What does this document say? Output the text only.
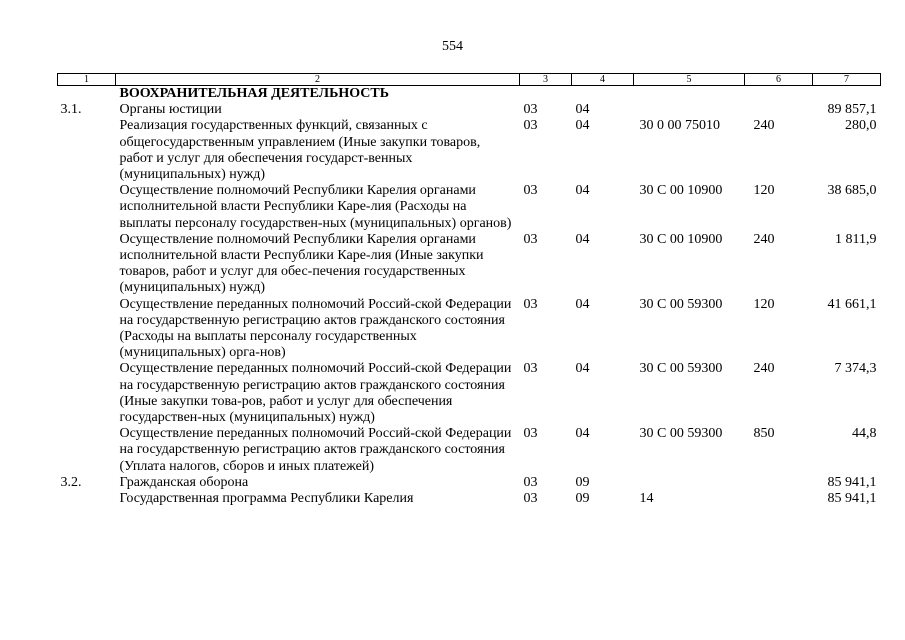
554
1	2	3	4	5	6	7
	ВООХРАНИТЕЛЬНАЯ ДЕЯТЕЛЬНОСТЬ					
3.1.	Органы юстиции	03	04			89 857,1
	Реализация государственных функций, связанных с общегосударственным управлением (Иные закупки товаров, работ и услуг для обеспечения государст-венных (муниципальных) нужд)	03	04	30 0 00 75010	240	280,0
	Осуществление полномочий Республики Карелия органами исполнительной власти Республики Каре-лия (Расходы на выплаты персоналу государствен-ных (муниципальных) органов)	03	04	30 С 00 10900	120	38 685,0
	Осуществление полномочий Республики Карелия органами исполнительной власти Республики Каре-лия (Иные закупки товаров, работ и услуг для обес-печения государственных (муниципальных) нужд)	03	04	30 С 00 10900	240	1 811,9
	Осуществление переданных полномочий Россий-ской Федерации на государственную регистрацию актов гражданского состояния (Расходы на выплаты персоналу государственных (муниципальных) орга-нов)	03	04	30 С 00 59300	120	41 661,1
	Осуществление переданных полномочий Россий-ской Федерации на государственную регистрацию актов гражданского состояния (Иные закупки това-ров, работ и услуг для обеспечения государствен-ных (муниципальных) нужд)	03	04	30 С 00 59300	240	7 374,3
	Осуществление переданных полномочий Россий-ской Федерации на государственную регистрацию актов гражданского состояния (Уплата налогов, сборов и иных платежей)	03	04	30 С 00 59300	850	44,8
3.2.	Гражданская оборона	03	09			85 941,1
	Государственная программа Республики Карелия	03	09	14		85 941,1
